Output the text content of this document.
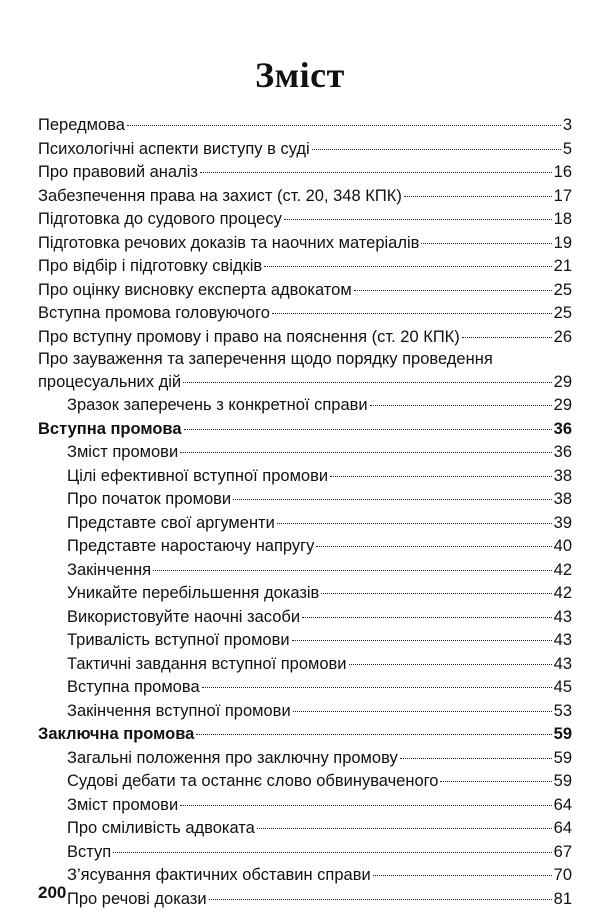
Зміст
Передмова	3
Психологічні аспекти виступу в суді	5
Про правовий аналіз	16
Забезпечення права на захист (ст. 20, 348 КПК)	17
Підготовка до судового процесу	18
Підготовка речових доказів та наочних матеріалів	19
Про відбір і підготовку свідків	21
Про оцінку висновку експерта адвокатом	25
Вступна промова головуючого	25
Про вступну промову і право на пояснення (ст. 20 КПК)	26
Про зауваження та заперечення щодо порядку проведення
процесуальних дій	29
Зразок заперечень з конкретної справи	29
Вступна промова	36
Зміст промови	36
Цілі ефективної вступної промови	38
Про початок промови	38
Представте свої аргументи	39
Представте наростаючу напругу	40
Закінчення	42
Уникайте перебільшення доказів	42
Використовуйте наочні засоби	43
Тривалість вступної промови	43
Тактичні завдання вступної промови	43
Вступна промова	45
Закінчення вступної промови	53
Заключна промова	59
Загальні положення про заключну промову	59
Судові дебати та останнє слово обвинуваченого	59
Зміст промови	64
Про сміливість адвоката	64
Вступ	67
З’ясування фактичних обставин справи	70
Про речові докази	81
200
